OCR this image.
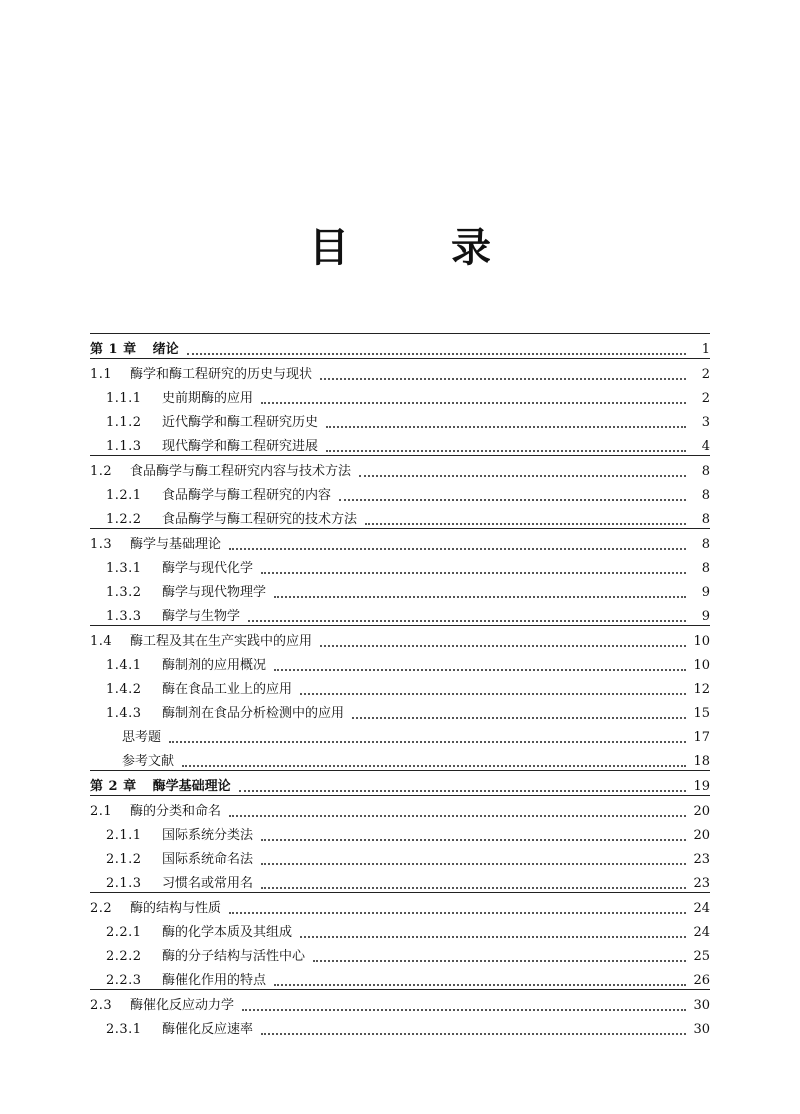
目 录
第 1 章 绪论	1
1.1	酶学和酶工程研究的历史与现状	2
1.1.1	史前期酶的应用	2
1.1.2	近代酶学和酶工程研究历史	3
1.1.3	现代酶学和酶工程研究进展	4
1.2	食品酶学与酶工程研究内容与技术方法	8
1.2.1	食品酶学与酶工程研究的内容	8
1.2.2	食品酶学与酶工程研究的技术方法	8
1.3	酶学与基础理论	8
1.3.1	酶学与现代化学	8
1.3.2	酶学与现代物理学	9
1.3.3	酶学与生物学	9
1.4	酶工程及其在生产实践中的应用	10
1.4.1	酶制剂的应用概况	10
1.4.2	酶在食品工业上的应用	12
1.4.3	酶制剂在食品分析检测中的应用	15
思考题	17
参考文献	18
第 2 章 酶学基础理论	19
2.1	酶的分类和命名	20
2.1.1	国际系统分类法	20
2.1.2	国际系统命名法	23
2.1.3	习惯名或常用名	23
2.2	酶的结构与性质	24
2.2.1	酶的化学本质及其组成	24
2.2.2	酶的分子结构与活性中心	25
2.2.3	酶催化作用的特点	26
2.3	酶催化反应动力学	30
2.3.1	酶催化反应速率	30
